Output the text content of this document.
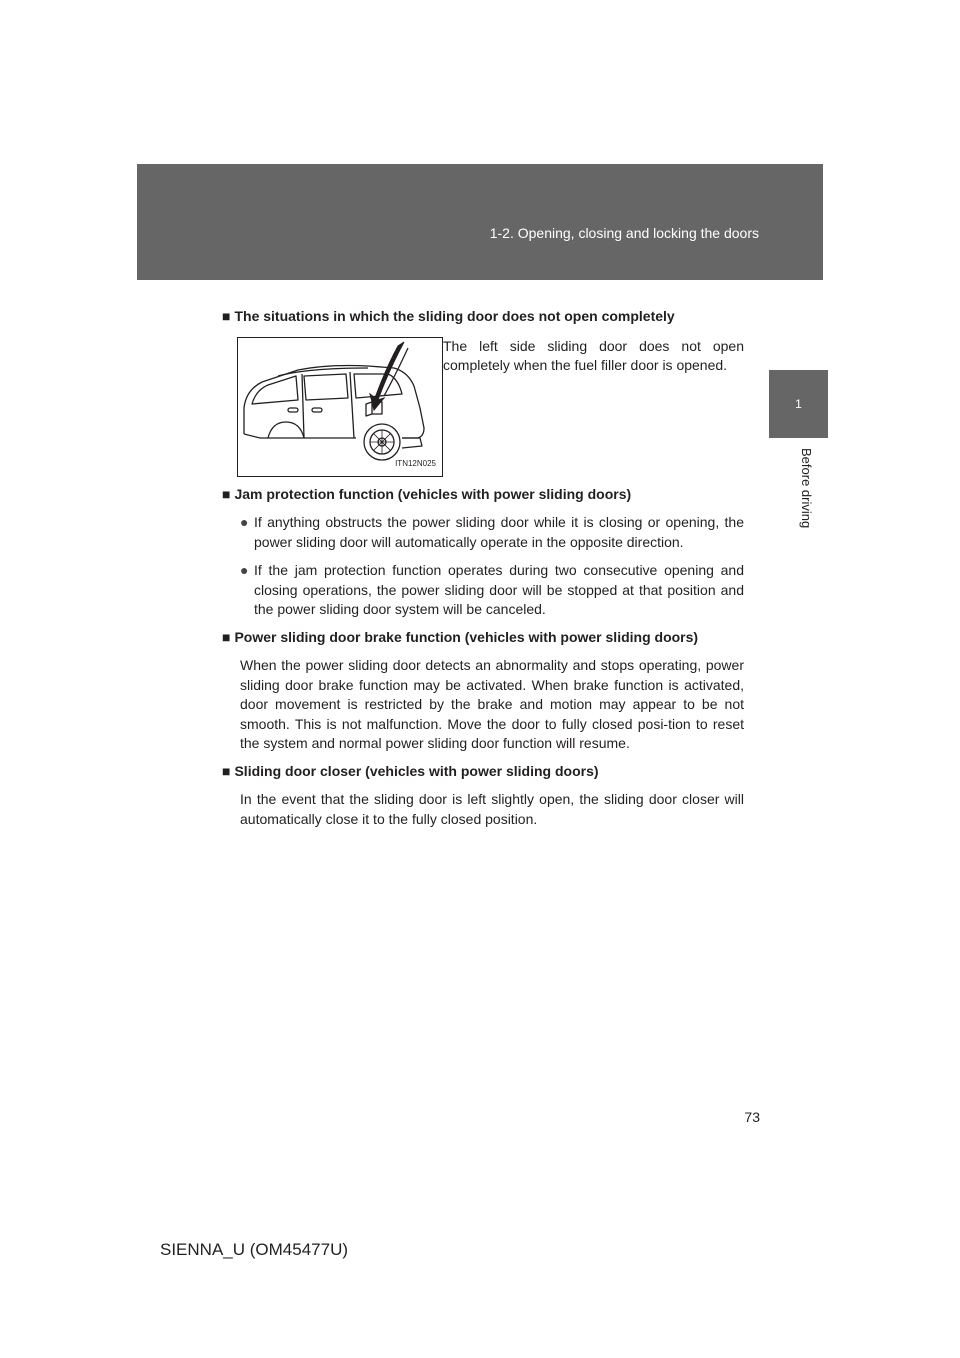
1-2. Opening, closing and locking the doors
1
Before driving

■ The situations in which the sliding door does not open completely

ITN12N025

The left side sliding door does not open completely when the fuel filler door is opened.

■ Jam protection function (vehicles with power sliding doors)

● If anything obstructs the power sliding door while it is closing or opening, the power sliding door will automatically operate in the opposite direction.
● If the jam protection function operates during two consecutive opening and closing operations, the power sliding door will be stopped at that position and the power sliding door system will be canceled.

■ Power sliding door brake function (vehicles with power sliding doors)

When the power sliding door detects an abnormality and stops operating, power sliding door brake function may be activated. When brake function is activated, door movement is restricted by the brake and motion may appear to be not smooth. This is not malfunction. Move the door to fully closed posi-tion to reset the system and normal power sliding door function will resume.

■ Sliding door closer (vehicles with power sliding doors)

In the event that the sliding door is left slightly open, the sliding door closer will automatically close it to the fully closed position.

73
SIENNA_U (OM45477U)
